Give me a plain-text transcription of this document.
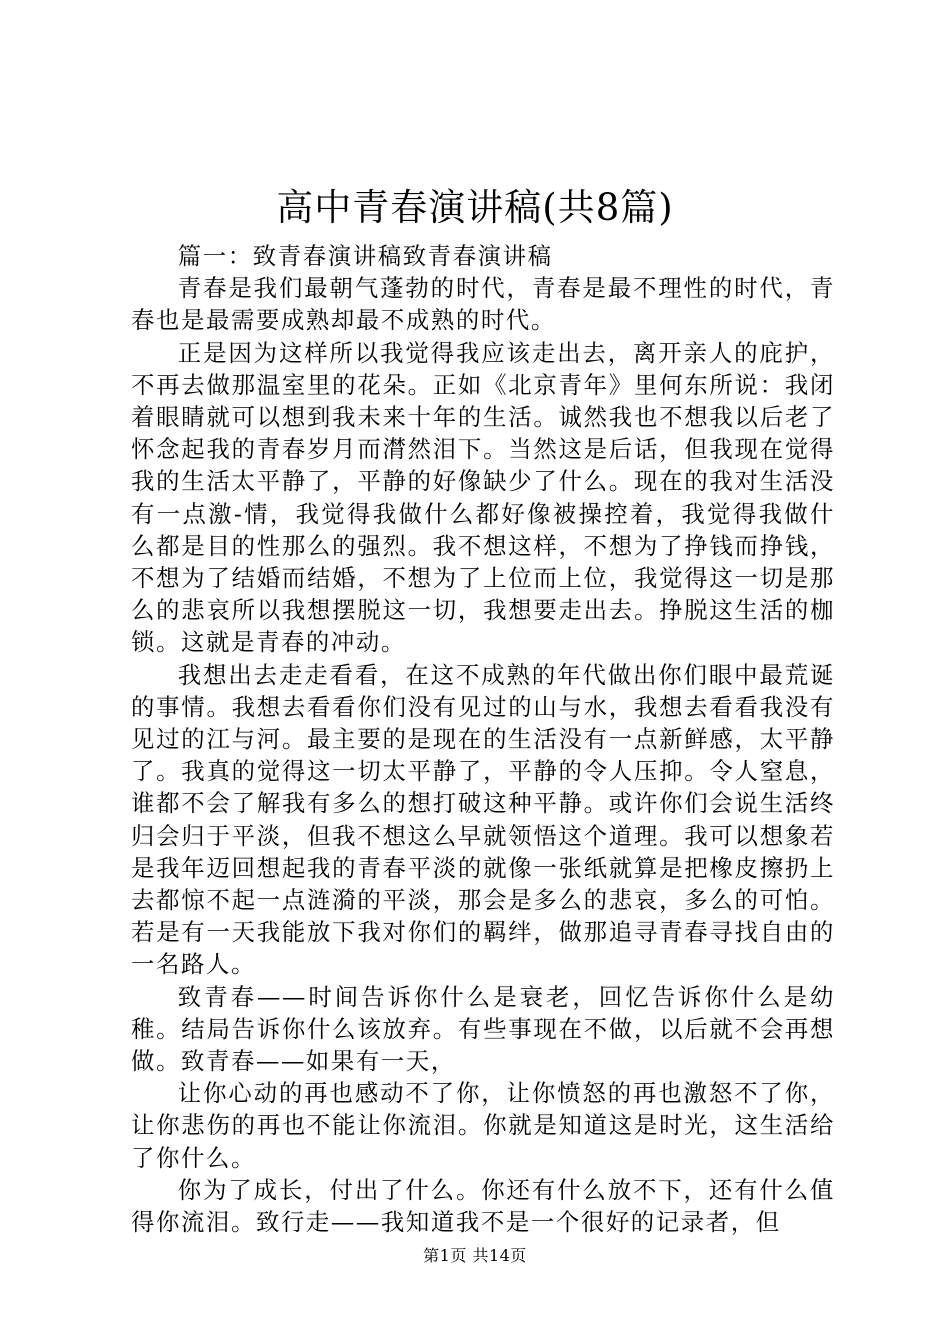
高中青春演讲稿(共8篇)

篇一：致青春演讲稿致青春演讲稿

青春是我们最朝气蓬勃的时代，青春是最不理性的时代，青春也是最需要成熟却最不成熟的时代。

正是因为这样所以我觉得我应该走出去，离开亲人的庇护，不再去做那温室里的花朵。正如《北京青年》里何东所说：我闭着眼睛就可以想到我未来十年的生活。诚然我也不想我以后老了怀念起我的青春岁月而潸然泪下。当然这是后话，但我现在觉得我的生活太平静了，平静的好像缺少了什么。现在的我对生活没有一点激-情，我觉得我做什么都好像被操控着，我觉得我做什么都是目的性那么的强烈。我不想这样，不想为了挣钱而挣钱，不想为了结婚而结婚，不想为了上位而上位，我觉得这一切是那么的悲哀所以我想摆脱这一切，我想要走出去。挣脱这生活的枷锁。这就是青春的冲动。

我想出去走走看看，在这不成熟的年代做出你们眼中最荒诞的事情。我想去看看你们没有见过的山与水，我想去看看我没有见过的江与河。最主要的是现在的生活没有一点新鲜感，太平静了。我真的觉得这一切太平静了，平静的令人压抑。令人窒息，谁都不会了解我有多么的想打破这种平静。或许你们会说生活终归会归于平淡，但我不想这么早就领悟这个道理。我可以想象若是我年迈回想起我的青春平淡的就像一张纸就算是把橡皮擦扔上去都惊不起一点涟漪的平淡，那会是多么的悲哀，多么的可怕。若是有一天我能放下我对你们的羁绊，做那追寻青春寻找自由的一名路人。

致青春——时间告诉你什么是衰老，回忆告诉你什么是幼稚。结局告诉你什么该放弃。有些事现在不做，以后就不会再想做。致青春——如果有一天，

让你心动的再也感动不了你，让你愤怒的再也激怒不了你，让你悲伤的再也不能让你流泪。你就是知道这是时光，这生活给了你什么。

你为了成长，付出了什么。你还有什么放不下，还有什么值得你流泪。致行走——我知道我不是一个很好的记录者，但

第1页 共14页
